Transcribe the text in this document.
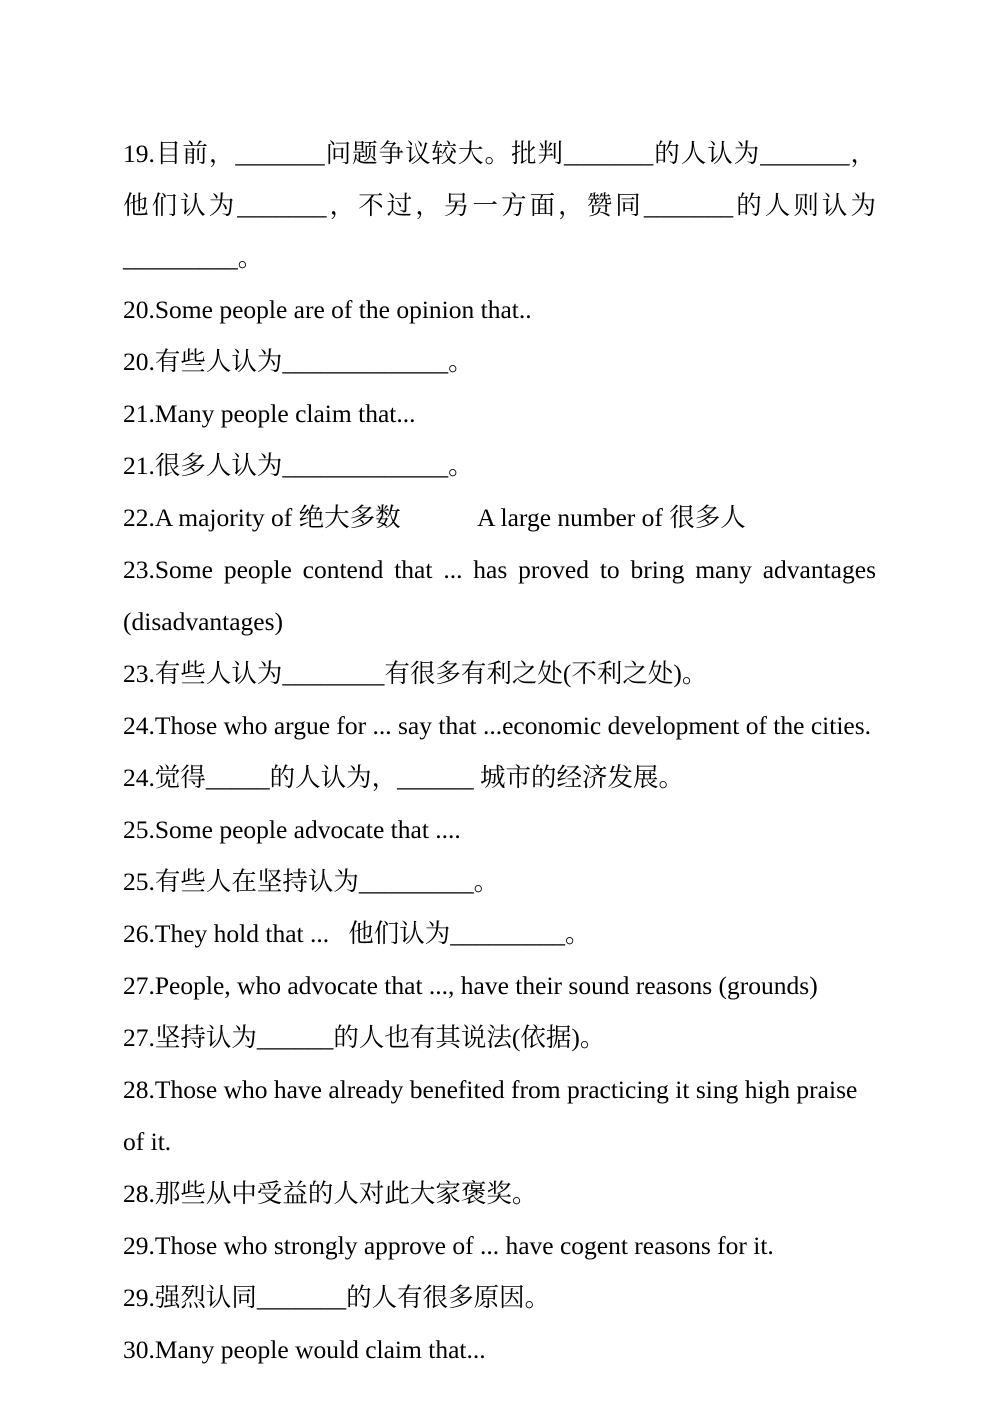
19.目前，_______问题争议较大。批判_______的人认为_______，他们认为_______，不过，另一方面，赞同_______的人则认为_________。

20.Some people are of the opinion that..

20.有些人认为_____________。

21.Many people claim that...

21.很多人认为_____________。

22.A majority of 绝大多数            A large number of 很多人

23.Some people contend that ... has proved to bring many advantages (disadvantages)

23.有些人认为________有很多有利之处(不利之处)。

24.Those who argue for ... say that ...economic development of the cities.

24.觉得_____的人认为，______ 城市的经济发展。

25.Some people advocate that ....

25.有些人在坚持认为_________。

26.They hold that ...   他们认为_________。

27.People, who advocate that ..., have their sound reasons (grounds)

27.坚持认为______的人也有其说法(依据)。

28.Those who have already benefited from practicing it sing high praise of it.

28.那些从中受益的人对此大家褒奖。

29.Those who strongly approve of ... have cogent reasons for it.

29.强烈认同_______的人有很多原因。

30.Many people would claim that...
